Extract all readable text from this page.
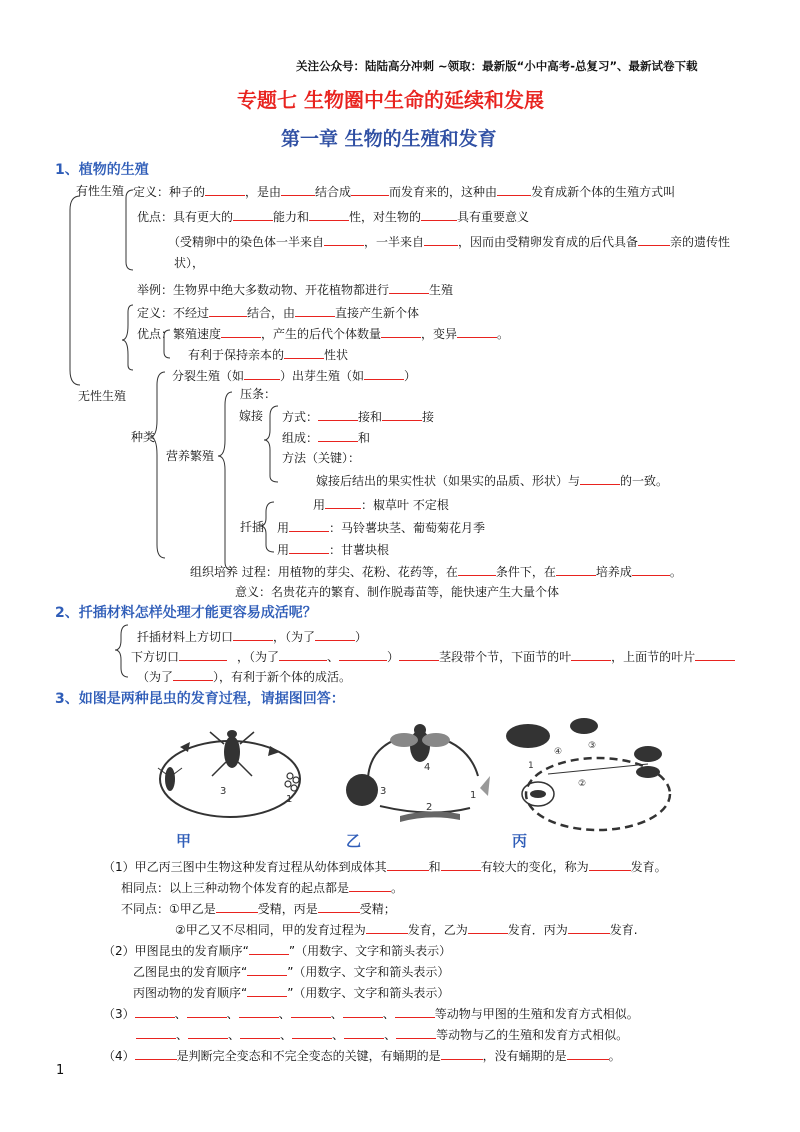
关注公众号：陆陆高分冲刺 ~领取：最新版“小中高考-总复习”、最新试卷下载
专题七 生物圈中生命的延续和发展
第一章 生物的生殖和发育
1、植物的生殖
有性生殖 定义：种子的	，是由	结合成	而发育来的，这种由	发育成新个体的生殖方式叫
优点：具有更大的	能力和	性，对生物的	具有重要意义
（受精卵中的染色体一半来自	，一半来自	，因而由受精卵发育成的后代具备	亲的遗传性
状），
举例：生物界中绝大多数动物、开花植物都进行	生殖
定义：不经过	结合，由	直接产生新个体
优点：繁殖速度	，产生的后代个体数量	，变异	。
有利于保持亲本的	性状
分裂生殖（如	）出芽生殖（如	）
无性生殖	压条：
嫁接 方式：	接和	接
种类	组成：	和
营养繁殖	方法（关键）：
嫁接后结出的果实性状（如果实的品质、形状）与	的一致。
用	：椒草叶 不定根
扦插 用	：马铃薯块茎、葡萄菊花月季
用	：甘薯块根
组织培养 过程：用植物的芽尖、花粉、花药等，在	条件下，在	培养成	。
意义：名贵花卉的繁育、制作脱毒苗等，能快速产生大量个体
2、扦插材料怎样处理才能更容易成活呢？
扦插材料上方切口	，（为了	）
下方切口	，（为了	、	）	茎段带个节，下面节的叶	，上面节的叶片
（为了	），有利于新个体的成活。
3、如图是两种昆虫的发育过程，请据图回答：
3
1
4
3
2
1
④
③
②
1
甲	乙	丙
（1）甲乙丙三图中生物这种发育过程从幼体到成体其	和	有较大的变化，称为	发育。
相同点：以上三种动物个体发育的起点都是	。
不同点：①甲乙是	受精，丙是	受精；
②甲乙又不尽相同，甲的发育过程为	发育，乙为	发育．丙为	发育.
（2）甲图昆虫的发育顺序“	”（用数字、文字和箭头表示）
乙图昆虫的发育顺序“	”（用数字、文字和箭头表示）
丙图动物的发育顺序“	”（用数字、文字和箭头表示）
（3）	、	、	、	、	、	等动物与甲图的生殖和发育方式相似。
、	、	、	、	、	等动物与乙的生殖和发育方式相似。
（4）	是判断完全变态和不完全变态的关键，有蛹期的是	，没有蛹期的是	。
1
